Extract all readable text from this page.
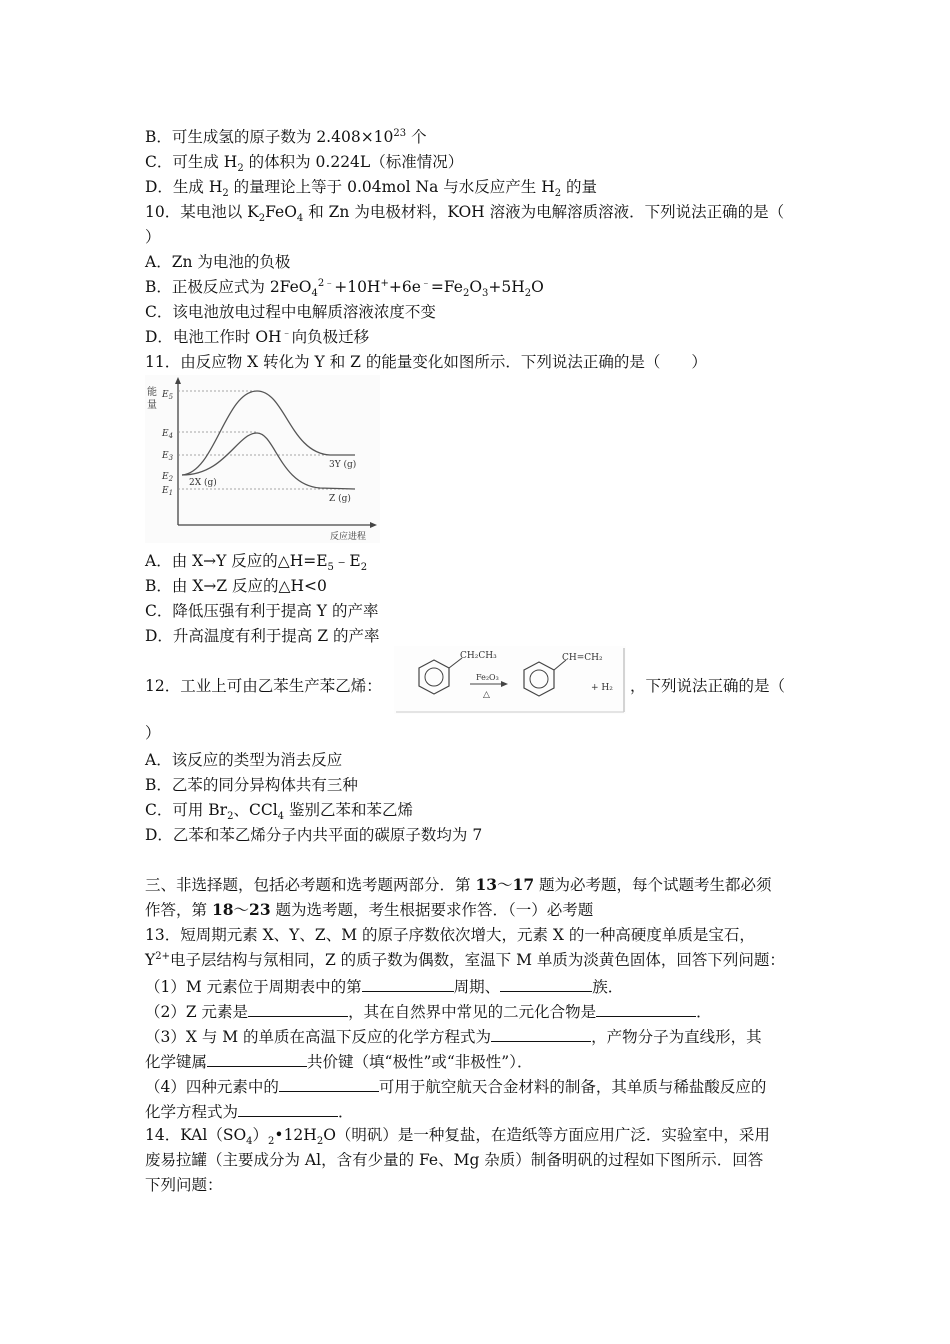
B．可生成氢的原子数为 $2.408\times 10^{23}$ 个
C．可生成 $H_2$ 的体积为 0.224L（标准情况）
D．生成 $H_2$ 的量理论上等于 0.04mol Na 与水反应产生 $H_2$ 的量
10．某电池以 $K_2FeO_4$ 和 Zn 为电极材料，KOH 溶液为电解溶质溶液．下列说法正确的是（
）
A．Zn 为电池的负极
B．正极反应式为 $2FeO_4^{2﹣}+10H^++6e^﹣=Fe_2O_3+5H_2O$
C．该电池放电过程中电解质溶液浓度不变
D．电池工作时 OH﹣向负极迁移
11．由反应物 X 转化为 Y 和 Z 的能量变化如图所示．下列说法正确的是（　　）
能
量
$E_5$
$E_4$
$E_3$
$E_2$
$E_1$
3Y (g)
2X (g)
Z (g)
反应进程
A．由 X→Y 反应的$\triangle H=E_5﹣E_2$
B．由 X→Z 反应的△H<0
C．降低压强有利于提高 Y 的产率
D．升高温度有利于提高 Z 的产率
12．工业上可由乙苯生产苯乙烯：
CH₂CH₃
Fe₂O₃
△
CH=CH₂
+ H₂ ，下列说法正确的是（
）
A．该反应的类型为消去反应
B．乙苯的同分异构体共有三种
C．可用 $Br_2$、CCl$_4$ 鉴别乙苯和苯乙烯
D．乙苯和苯乙烯分子内共平面的碳原子数均为 7
三、非选择题，包括必考题和选考题两部分．第 13～17 题为必考题，每个试题考生都必须
作答，第 18～23 题为选考题，考生根据要求作答．（一）必考题
13．短周期元素 X、Y、Z、M 的原子序数依次增大，元素 X 的一种高硬度单质是宝石，
$Y^{2+}$电子层结构与氖相同，Z 的质子数为偶数，室温下 M 单质为淡黄色固体，回答下列问题：
（1）M 元素位于周期表中的第	周期、	族．
（2）Z 元素是	，其在自然界中常见的二元化合物是	．
（3）X 与 M 的单质在高温下反应的化学方程式为	，产物分子为直线形，其
化学键属	共价键（填“极性”或“非极性”）．
（4）四种元素中的	可用于航空航天合金材料的制备，其单质与稀盐酸反应的
化学方程式为	．
14．$KAl(SO_4)_2•12H_2O$（明矾）是一种复盐，在造纸等方面应用广泛．实验室中，采用
废易拉罐（主要成分为 Al，含有少量的 Fe、Mg 杂质）制备明矾的过程如下图所示．回答
下列问题：
